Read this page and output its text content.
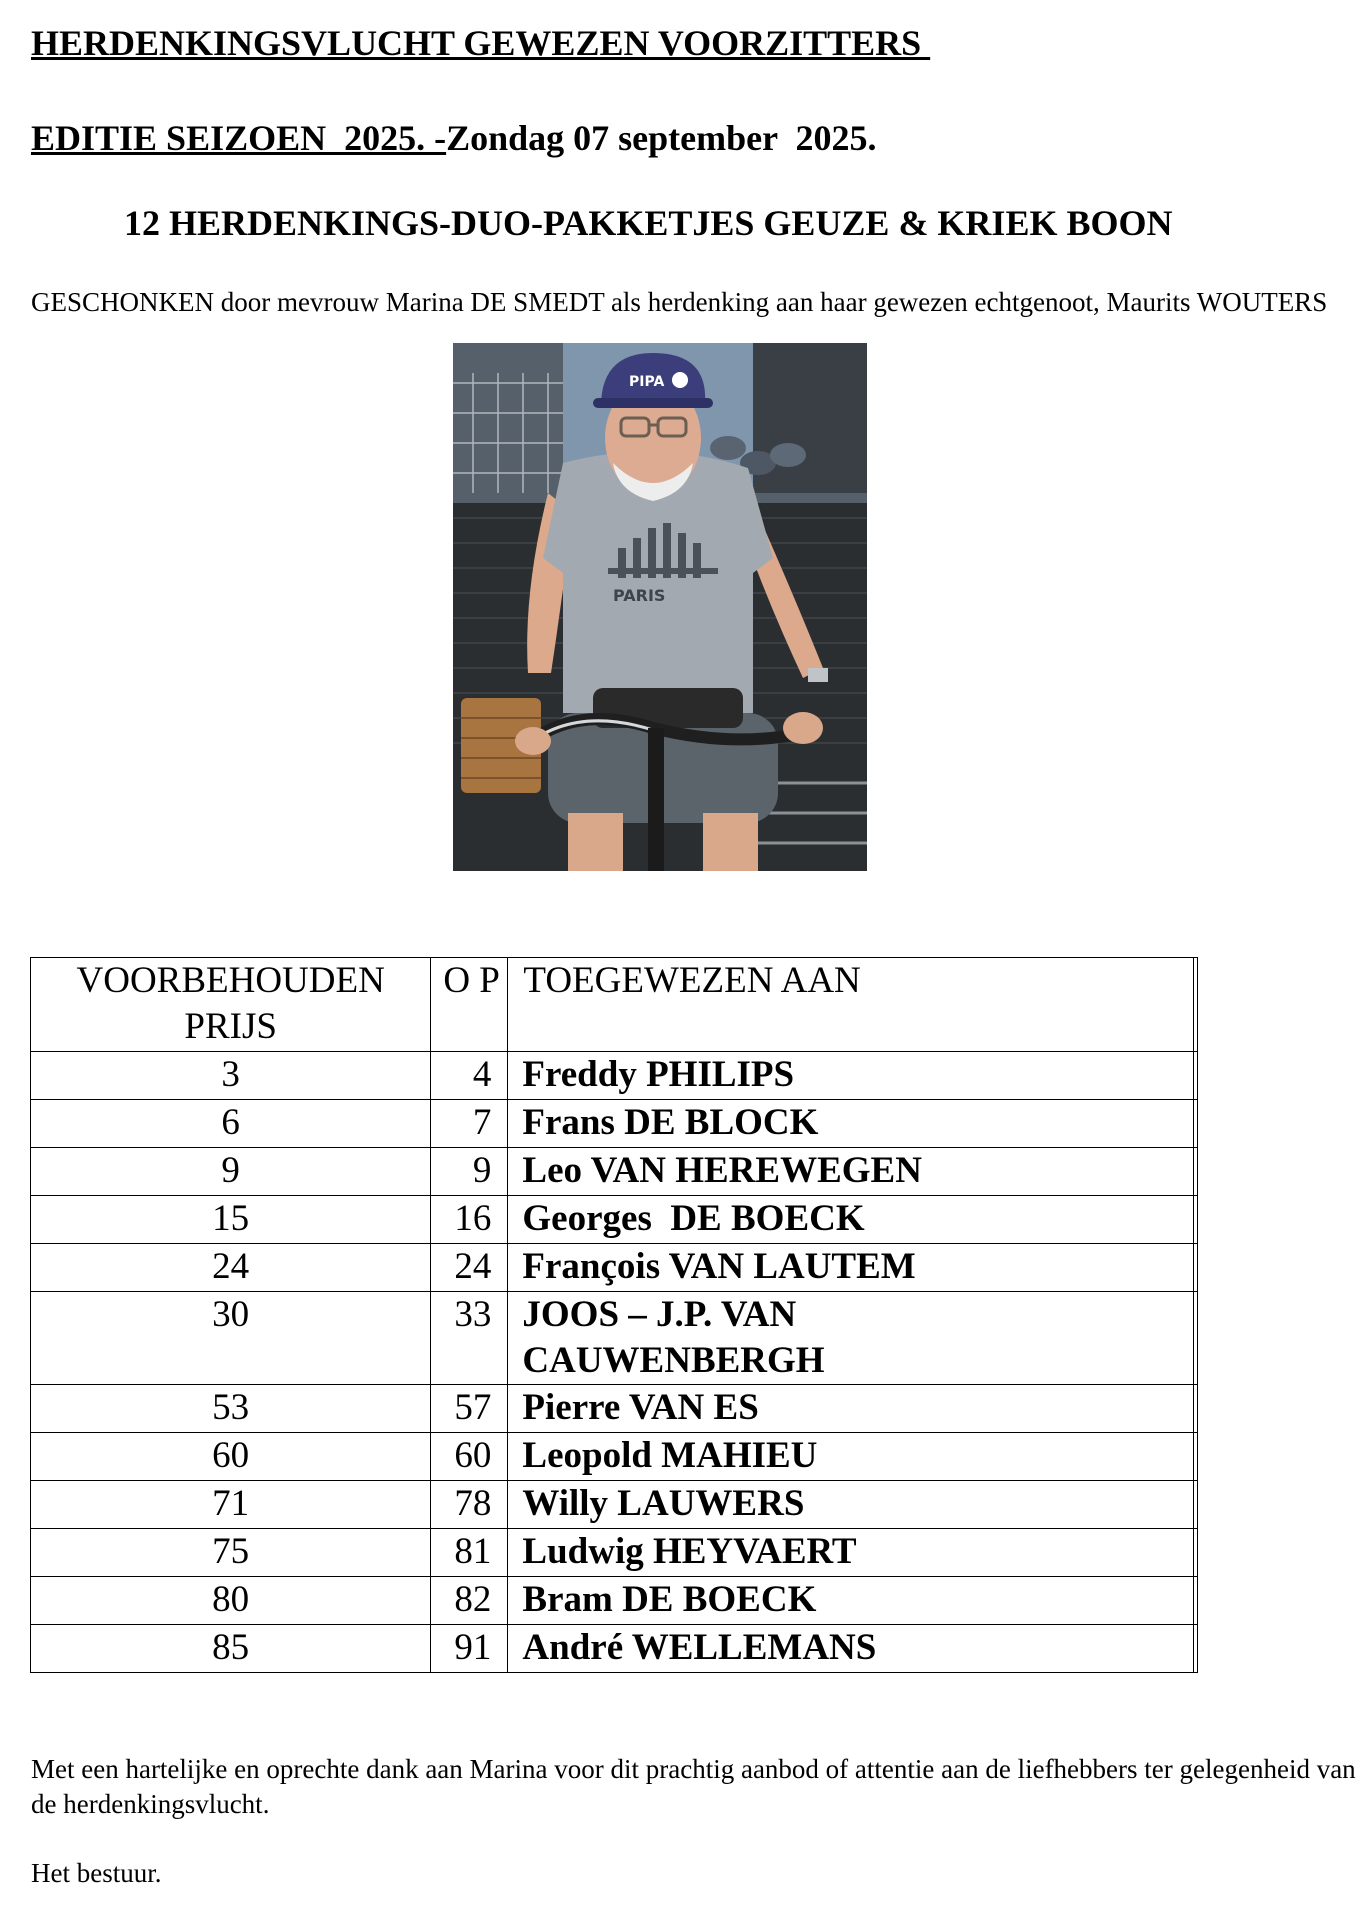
HERDENKINGSVLUCHT GEWEZEN VOORZITTERS
EDITIE SEIZOEN  2025. -Zondag 07 september  2025.
12 HERDENKINGS-DUO-PAKKETJES GEUZE & KRIEK BOON
GESCHONKEN door mevrouw Marina DE SMEDT als herdenking aan haar gewezen echtgenoot, Maurits WOUTERS
PARIS
PIPA
VOORBEHOUDEN PRIJS	O P	TOEGEWEZEN AAN	
3	4	Freddy PHILIPS	
6	7	Frans DE BLOCK	
9	9	Leo VAN HEREWEGEN	
15	16	Georges  DE BOECK	
24	24	François VAN LAUTEM	
30	33	JOOS – J.P. VAN CAUWENBERGH	
53	57	Pierre VAN ES	
60	60	Leopold MAHIEU	
71	78	Willy LAUWERS	
75	81	Ludwig HEYVAERT	
80	82	Bram DE BOECK	
85	91	André WELLEMANS	
Met een hartelijke en oprechte dank aan Marina voor dit prachtig aanbod of attentie aan de liefhebbers ter gelegenheid van de herdenkingsvlucht.
Het bestuur.
